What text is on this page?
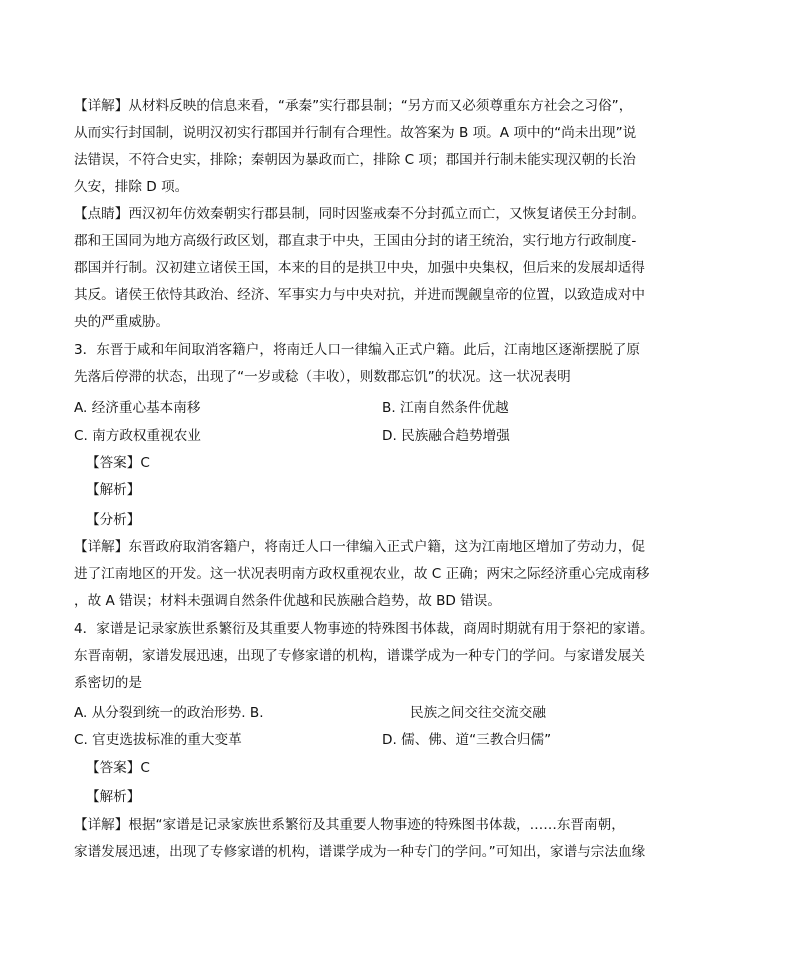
【详解】从材料反映的信息来看，“承秦”实行郡县制；“另方而又必须尊重东方社会之习俗”，
从而实行封国制，说明汉初实行郡国并行制有合理性。故答案为 B 项。A 项中的“尚未出现”说
法错误，不符合史实，排除；秦朝因为暴政而亡，排除 C 项；郡国并行制未能实现汉朝的长治
久安，排除 D 项。
【点睛】西汉初年仿效秦朝实行郡县制，同时因鉴戒秦不分封孤立而亡，又恢复诸侯王分封制。
郡和王国同为地方高级行政区划，郡直隶于中央，王国由分封的诸王统治，实行地方行政制度-
郡国并行制。汉初建立诸侯王国，本来的目的是拱卫中央，加强中央集权，但后来的发展却适得
其反。诸侯王依恃其政治、经济、军事实力与中央对抗，并进而觊觎皇帝的位置，以致造成对中
央的严重威胁。
3．东晋于咸和年间取消客籍户，将南迁人口一律编入正式户籍。此后，江南地区逐渐摆脱了原
先落后停滞的状态，出现了“一岁或稔（丰收），则数郡忘饥”的状况。这一状况表明
A. 经济重心基本南移	B. 江南自然条件优越
C. 南方政权重视农业	D. 民族融合趋势增强
【答案】C
【解析】
【分析】
【详解】东晋政府取消客籍户，将南迁人口一律编入正式户籍，这为江南地区增加了劳动力，促
进了江南地区的开发。这一状况表明南方政权重视农业，故 C 正确；两宋之际经济重心完成南移
，故 A 错误；材料未强调自然条件优越和民族融合趋势，故 BD 错误。
4．家谱是记录家族世系繁衍及其重要人物事迹的特殊图书体裁，商周时期就有用于祭祀的家谱。
东晋南朝，家谱发展迅速，出现了专修家谱的机构，谱谍学成为一种专门的学问。与家谱发展关
系密切的是
A. 从分裂到统一的政治形势. B.	民族之间交往交流交融
C. 官吏选拔标准的重大变革	D. 儒、佛、道“三教合归儒”
【答案】C
【解析】
【详解】根据“家谱是记录家族世系繁衍及其重要人物事迹的特殊图书体裁，……东晋南朝，
家谱发展迅速，出现了专修家谱的机构，谱谍学成为一种专门的学问。”可知出，家谱与宗法血缘
